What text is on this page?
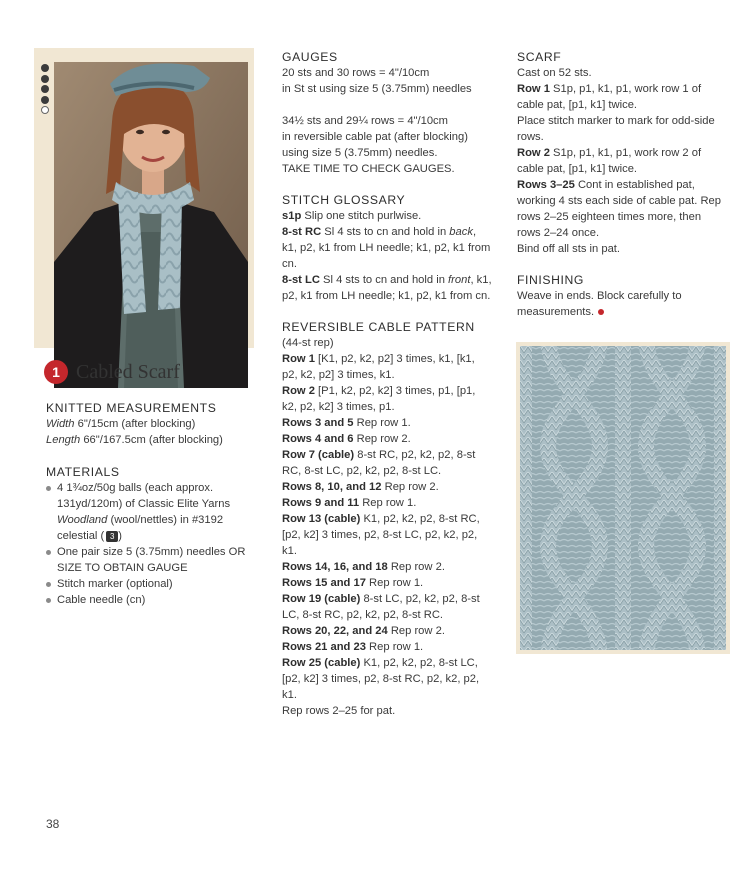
1 Cabled Scarf

KNITTED MEASUREMENTS

Width 6"/15cm (after blocking)

Length 66"/167.5cm (after blocking)

MATERIALS

4 1¾oz/50g balls (each approx. 131yd/120m) of Classic Elite Yarns Woodland (wool/nettles) in #3192 celestial ( 3 )
One pair size 5 (3.75mm) needles OR SIZE TO OBTAIN GAUGE
Stitch marker (optional)
Cable needle (cn)

GAUGES

20 sts and 30 rows = 4"/10cm

in St st using size 5 (3.75mm) needles

34½ sts and 29¼ rows = 4"/10cm

in reversible cable pat (after blocking)

using size 5 (3.75mm) needles.

TAKE TIME TO CHECK GAUGES.

STITCH GLOSSARY

s1p Slip one stitch purlwise.

8-st RC Sl 4 sts to cn and hold in back, k1, p2, k1 from LH needle; k1, p2, k1 from cn.

8-st LC Sl 4 sts to cn and hold in front, k1, p2, k1 from LH needle; k1, p2, k1 from cn.

REVERSIBLE CABLE PATTERN

(44-st rep)

Row 1 [K1, p2, k2, p2] 3 times, k1, [k1, p2, k2, p2] 3 times, k1.

Row 2 [P1, k2, p2, k2] 3 times, p1, [p1, k2, p2, k2] 3 times, p1.

Rows 3 and 5 Rep row 1.

Rows 4 and 6 Rep row 2.

Row 7 (cable) 8-st RC, p2, k2, p2, 8-st RC, 8-st LC, p2, k2, p2, 8-st LC.

Rows 8, 10, and 12 Rep row 2.

Rows 9 and 11 Rep row 1.

Row 13 (cable) K1, p2, k2, p2, 8-st RC, [p2, k2] 3 times, p2, 8-st LC, p2, k2, p2, k1.

Rows 14, 16, and 18 Rep row 2.

Rows 15 and 17 Rep row 1.

Row 19 (cable) 8-st LC, p2, k2, p2, 8-st LC, 8-st RC, p2, k2, p2, 8-st RC.

Rows 20, 22, and 24 Rep row 2.

Rows 21 and 23 Rep row 1.

Row 25 (cable) K1, p2, k2, p2, 8-st LC, [p2, k2] 3 times, p2, 8-st RC, p2, k2, p2, k1.

Rep rows 2–25 for pat.

SCARF

Cast on 52 sts.

Row 1 S1p, p1, k1, p1, work row 1 of cable pat, [p1, k1] twice.

Place stitch marker to mark for odd-side rows.

Row 2 S1p, p1, k1, p1, work row 2 of cable pat, [p1, k1] twice.

Rows 3–25 Cont in established pat, working 4 sts each side of cable pat. Rep rows 2–25 eighteen times more, then rows 2–24 once.

Bind off all sts in pat.

FINISHING

Weave in ends. Block carefully to measurements.

38
